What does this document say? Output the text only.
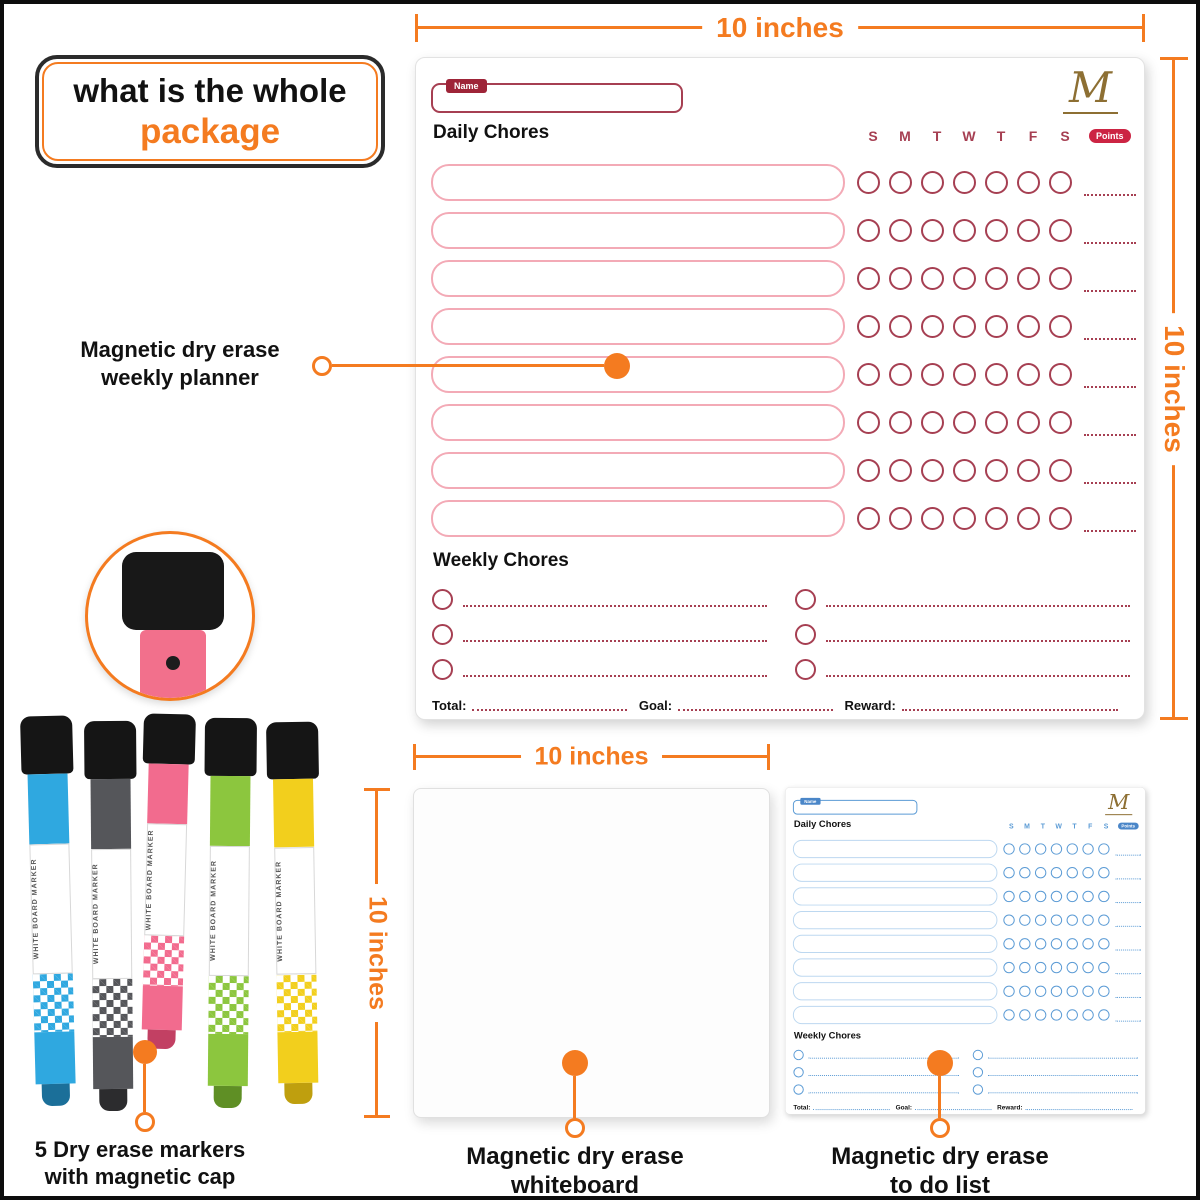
what is the whole
package
10 inches
10 inches
10 inches
10 inches
Name	M
Daily Chores	S	M	T	W	T	F	S	Points
Weekly Chores
Total:	Goal:	Reward:
Name	M
Daily Chores	S M T W T F S	Points
Weekly Chores
Total:	Goal:	Reward:
Magnetic dry erase
weekly planner
WHITE BOARD MARKER	WHITE BOARD MARKER	WHITE BOARD MARKER	WHITE BOARD MARKER	WHITE BOARD MARKER
5 Dry erase markers
with magnetic cap
Magnetic dry erase
whiteboard
Magnetic dry erase
to do list
